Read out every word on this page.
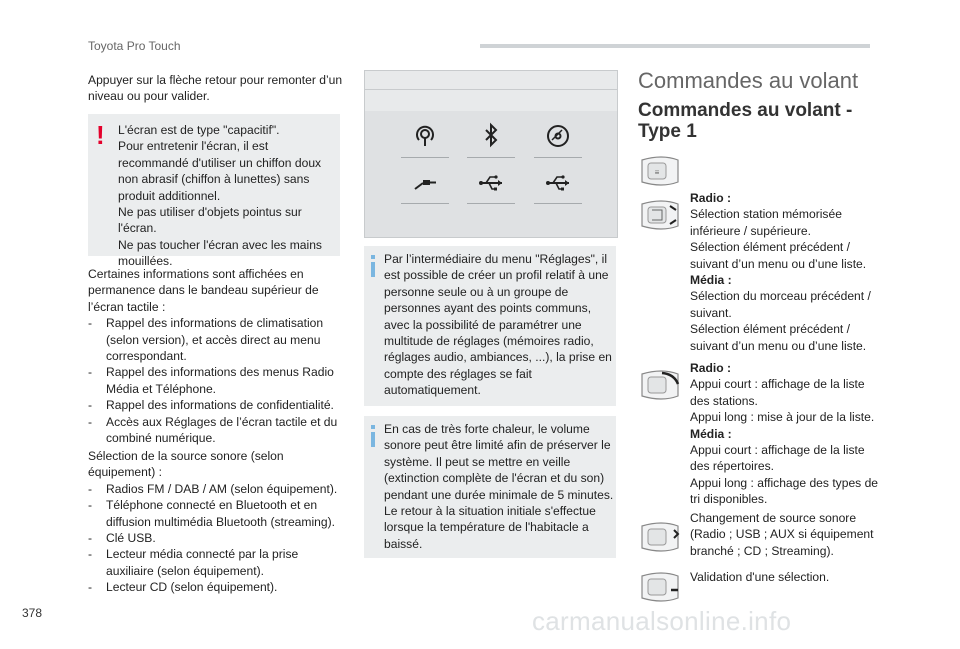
Toyota Pro Touch

Appuyer sur la flèche retour pour remonter d’un niveau ou pour valider.

! L'écran est de type "capacitif".

Pour entretenir l'écran, il est recommandé d'utiliser un chiffon doux non abrasif (chiffon à lunettes) sans produit additionnel.

Ne pas utiliser d'objets pointus sur l'écran.

Ne pas toucher l'écran avec les mains mouillées.

Certaines informations sont affichées en permanence dans le bandeau supérieur de l’écran tactile :

-	Rappel des informations de climatisation (selon version), et accès direct au menu correspondant.
-	Rappel des informations des menus Radio Média et Téléphone.
-	Rappel des informations de confidentialité.
-	Accès aux Réglages de l’écran tactile et du combiné numérique.

Sélection de la source sonore (selon équipement) :

-	Radios FM / DAB / AM (selon équipement).
-	Téléphone connecté en Bluetooth et en diffusion multimédia Bluetooth (streaming).
-	Clé USB.
-	Lecteur média connecté par la prise auxiliaire (selon équipement).
-	Lecteur CD (selon équipement).

Par l’intermédiaire du menu "Réglages", il est possible de créer un profil relatif à une personne seule ou à un groupe de personnes ayant des points communs, avec la possibilité de paramétrer une multitude de réglages (mémoires radio, réglages audio, ambiances, ...), la prise en compte des réglages se fait automatiquement.

En cas de très forte chaleur, le volume sonore peut être limité afin de préserver le système. Il peut se mettre en veille (extinction complète de l'écran et du son) pendant une durée minimale de 5 minutes. Le retour à la situation initiale s'effectue lorsque la température de l'habitacle a baissé.

Commandes au volant
Commandes au volant -
Type 1
≡

Radio :

Sélection station mémorisée inférieure / supérieure.

Sélection élément précédent / suivant d’un menu ou d’une liste.

Média :

Sélection du morceau précédent / suivant.

Sélection élément précédent / suivant d’un menu ou d’une liste.

Radio :

Appui court : affichage de la liste des stations.

Appui long : mise à jour de la liste.

Média :

Appui court : affichage de la liste des répertoires.

Appui long : affichage des types de tri disponibles.

Changement de source sonore (Radio ; USB ; AUX si équipement branché ; CD ; Streaming).

Validation d'une sélection.

378	carmanualsonline.info
